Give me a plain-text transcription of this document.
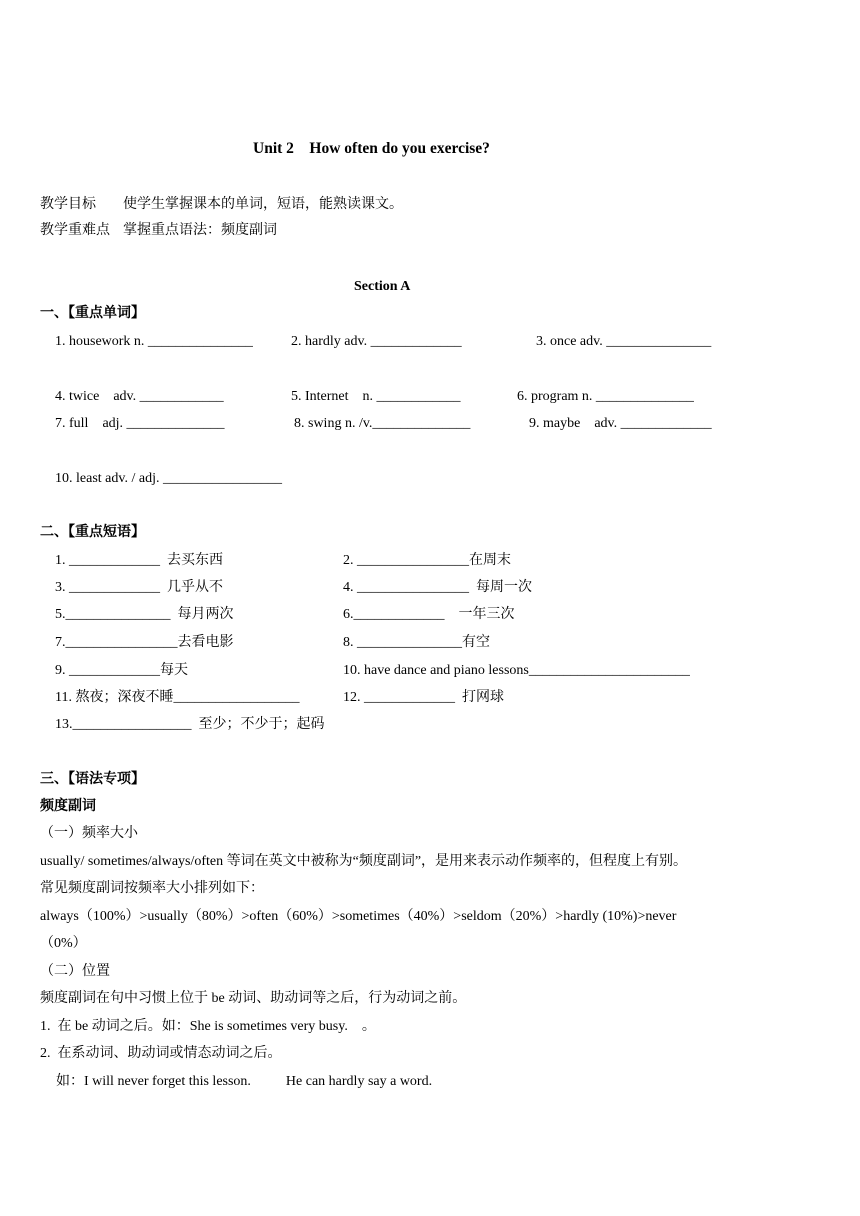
Unit 2    How often do you exercise?
教学目标 使学生掌握课本的单词，短语，能熟读课文。
教学重难点 掌握重点语法：频度副词
Section A
一、【重点单词】
1. housework n. _______________	2. hardly adv. _____________	3. once adv. _______________
4. twice    adv. ____________	5. Internet    n. ____________	6. program n. ______________
7. full    adj. ______________	8. swing n. /v.______________	9. maybe    adv. _____________
10. least adv. / adj. _________________
二、【重点短语】
1. _____________  去买东西	2. ________________在周末
3. _____________  几乎从不	4. ________________  每周一次
5._______________  每月两次	6._____________    一年三次
7.________________去看电影	8. _______________有空
9. _____________每天	10. have dance and piano lessons_______________________
11. 熬夜；深夜不睡__________________	12. _____________  打网球
13._________________  至少；不少于；起码
三、【语法专项】
频度副词
（一）频率大小
usually/ sometimes/always/often 等词在英文中被称为“频度副词”，是用来表示动作频率的，但程度上有别。
常见频度副词按频率大小排列如下：
always（100%）>usually（80%）>often（60%）>sometimes（40%）>seldom（20%）>hardly (10%)>never
（0%）
（二）位置
频度副词在句中习惯上位于 be 动词、助动词等之后，行为动词之前。
1.  在 be 动词之后。如：She is sometimes very busy.    。
2.  在系动词、助动词或情态动词之后。
如：I will never forget this lesson.          He can hardly say a word.
